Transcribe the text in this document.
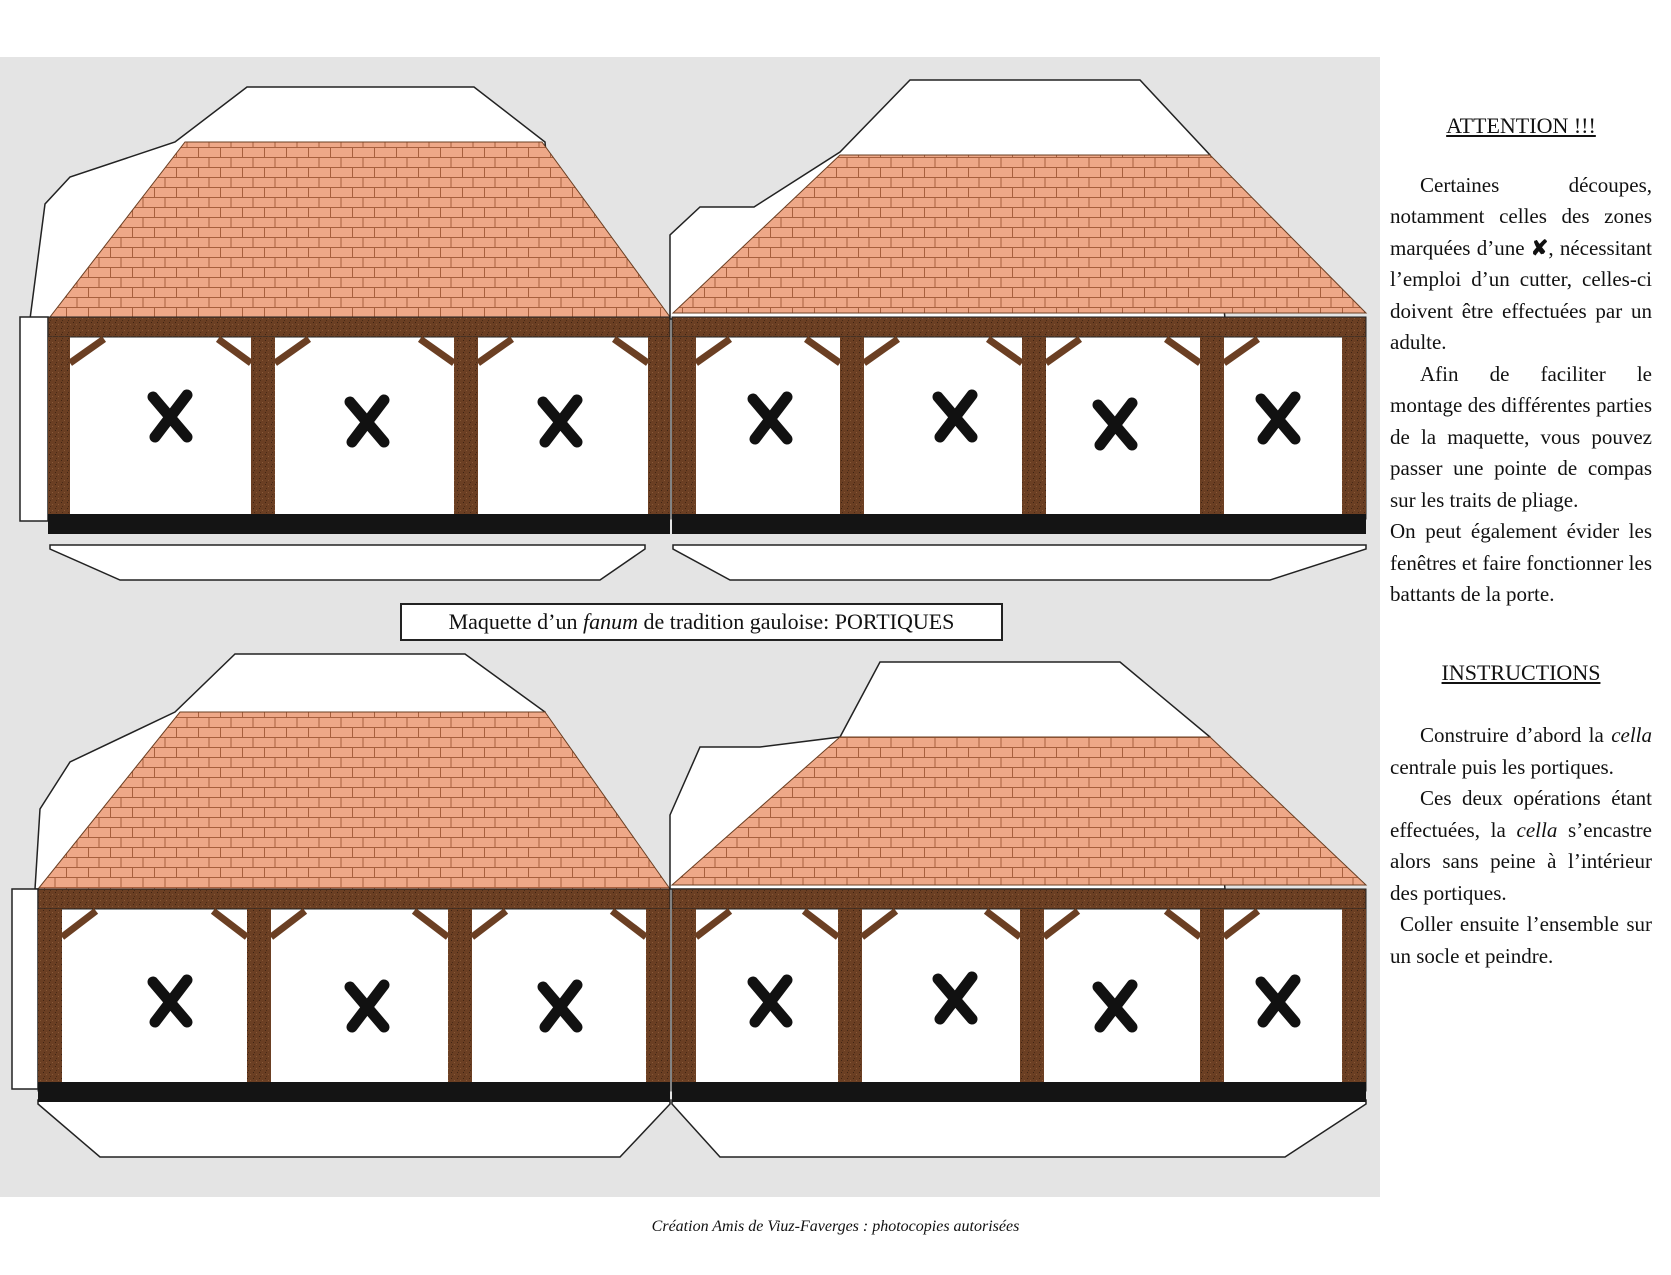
Maquette d’un fanum de tradition gauloise: PORTIQUES

ATTENTION !!!

Certaines découpes, notamment celles des zones marquées d’une ✘, nécessitant l’emploi d’un cutter, celles-ci doivent être effectuées par un adulte.

Afin de faciliter le montage des différentes parties de la maquette, vous pouvez passer une pointe de compas sur les traits de pliage.

On peut également évider les fenêtres et faire fonctionner les battants de la porte.

INSTRUCTIONS

Construire d’abord la cella centrale puis les portiques.

Ces deux opérations étant effectuées, la cella s’encastre alors sans peine à l’intérieur des portiques.

Coller ensuite l’ensemble sur un socle et peindre.

Création Amis de Viuz-Faverges : photocopies autorisées
